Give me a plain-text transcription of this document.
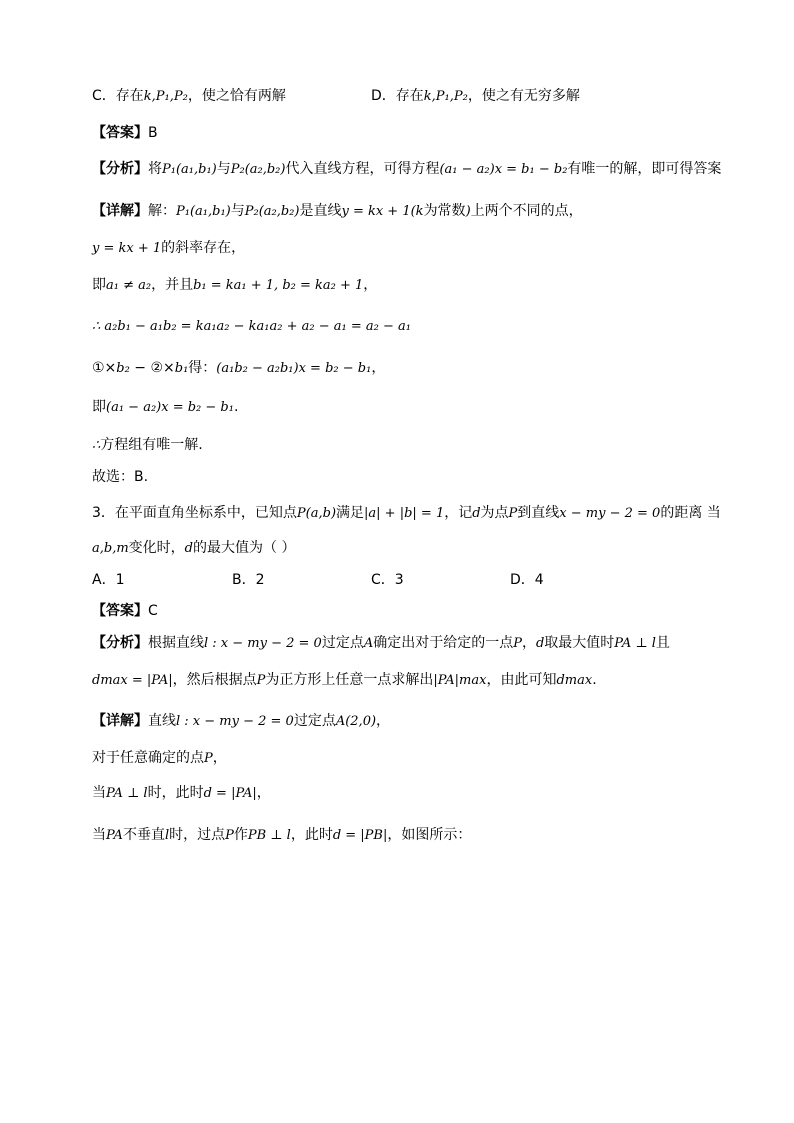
C．存在k,P₁,P₂，使之恰有两解	D．存在k,P₁,P₂，使之有无穷多解
【答案】B
【分析】将P₁(a₁,b₁)与P₂(a₂,b₂)代入直线方程，可得方程(a₁ − a₂)x = b₁ − b₂有唯一的解，即可得答案
【详解】解：P₁(a₁,b₁)与P₂(a₂,b₂)是直线y = kx + 1(k为常数)上两个不同的点，
y = kx + 1的斜率存在，
即a₁ ≠ a₂，并且b₁ = ka₁ + 1, b₂ = ka₂ + 1，
∴ a₂b₁ − a₁b₂ = ka₁a₂ − ka₁a₂ + a₂ − a₁ = a₂ − a₁
①×b₂ − ②×b₁得：(a₁b₂ − a₂b₁)x = b₂ − b₁，
即(a₁ − a₂)x = b₂ − b₁.
∴方程组有唯一解.
故选：B.
3．在平面直角坐标系中，已知点P(a,b)满足|a| + |b| = 1，记d为点P到直线x − my − 2 = 0的距离 当
a,b,m变化时，d的最大值为（ ）
A．1	B．2	C．3	D．4
【答案】C
【分析】根据直线l : x − my − 2 = 0过定点A确定出对于给定的一点P，d取最大值时PA ⊥ l且
dmax = |PA|，然后根据点P为正方形上任意一点求解出|PA|max，由此可知dmax.
【详解】直线l : x − my − 2 = 0过定点A(2,0)，
对于任意确定的点P，
当PA ⊥ l时，此时d = |PA|，
当PA不垂直l时，过点P作PB ⊥ l，此时d = |PB|，如图所示：
